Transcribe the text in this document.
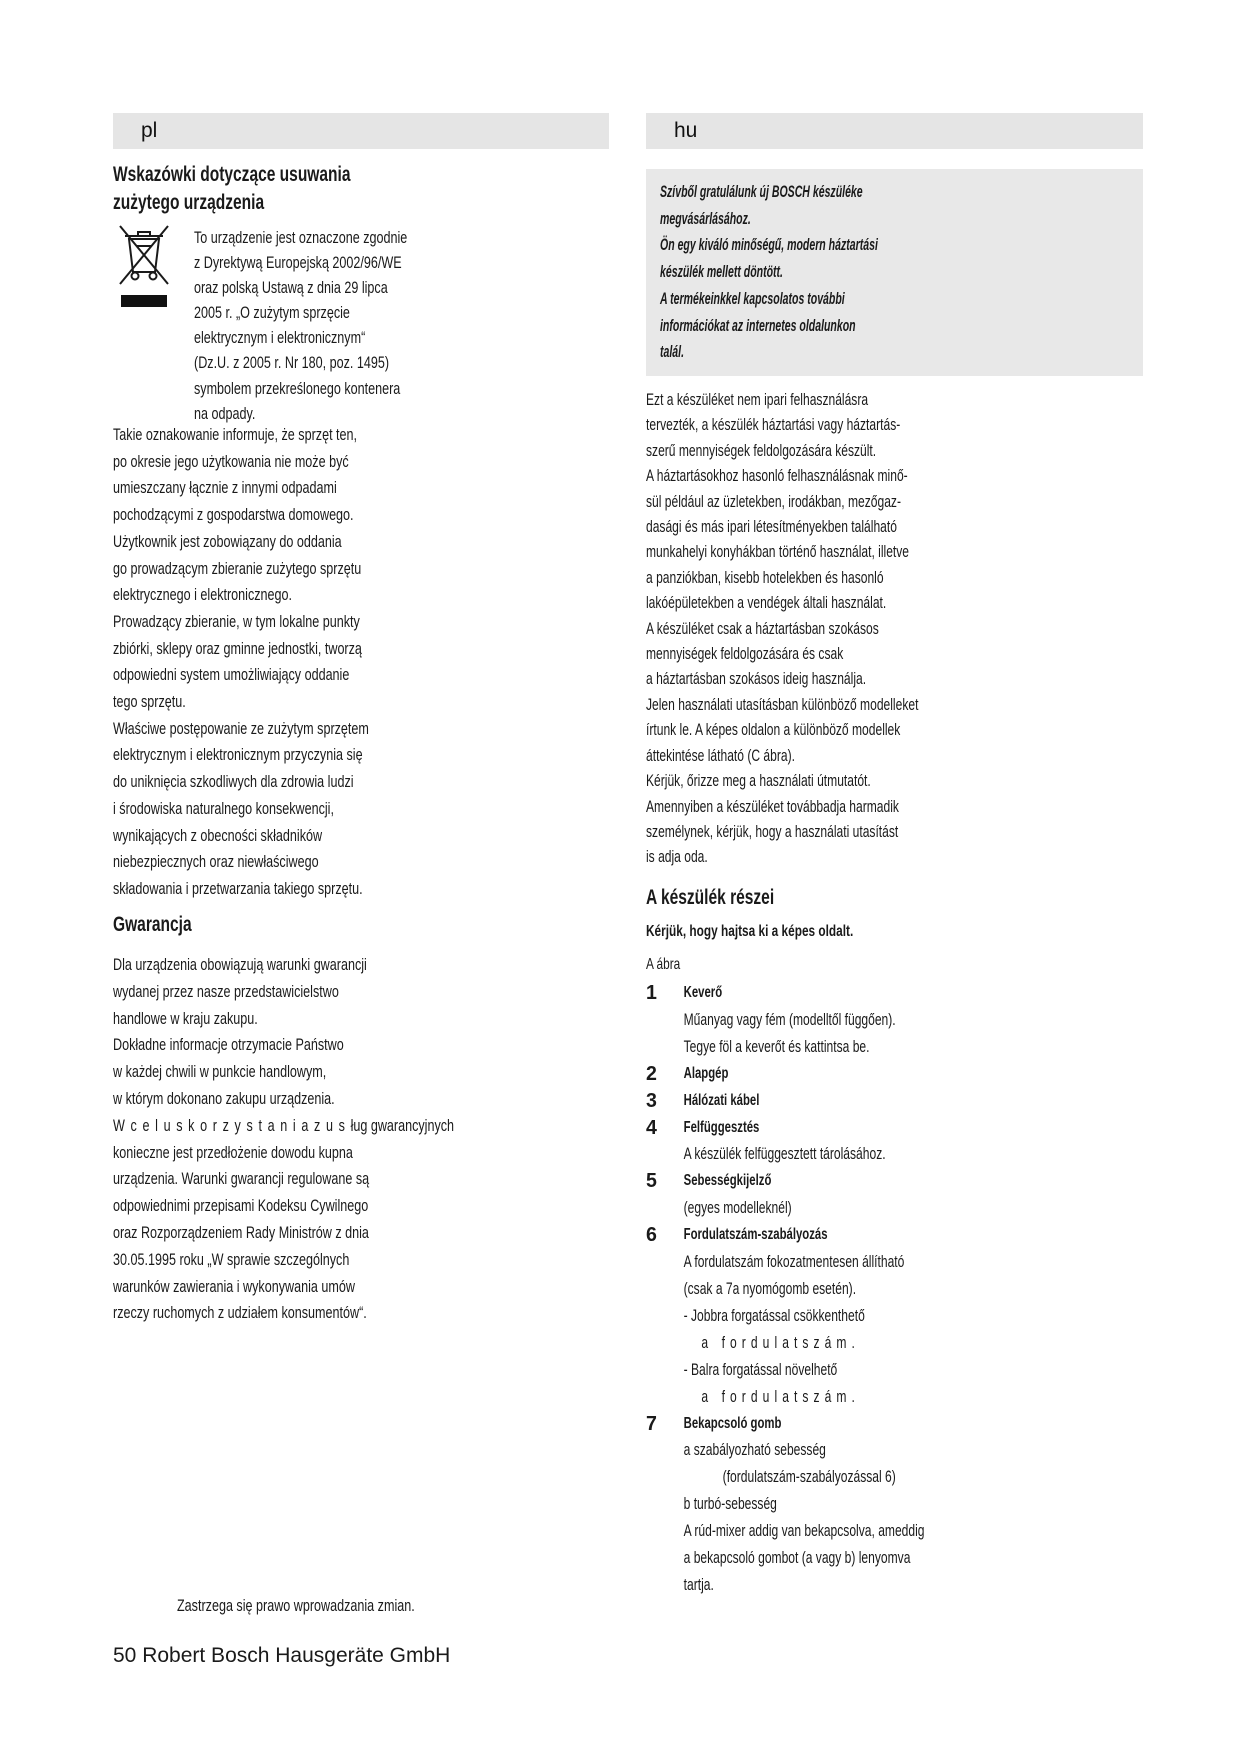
pl
Wskazówki dotyczące usuwania
zużytego urządzenia
To urządzenie jest oznaczone zgodnie
z Dyrektywą Europejską 2002/96/WE
oraz polską Ustawą z dnia 29 lipca
2005 r. „O zużytym sprzęcie
elektrycznym i elektronicznym“
(Dz.U. z 2005 r. Nr 180, poz. 1495)
symbolem przekreślonego kontenera
na odpady.
Takie oznakowanie informuje, że sprzęt ten,
po okresie jego użytkowania nie może być
umieszczany łącznie z innymi odpadami
pochodzącymi z gospodarstwa domowego.
Użytkownik jest zobowiązany do oddania
go prowadzącym zbieranie zużytego sprzętu
elektrycznego i elektronicznego.
Prowadzący zbieranie, w tym lokalne punkty
zbiórki, sklepy oraz gminne jednostki, tworzą
odpowiedni system umożliwiający oddanie
tego sprzętu.
Właściwe postępowanie ze zużytym sprzętem
elektrycznym i elektronicznym przyczynia się
do uniknięcia szkodliwych dla zdrowia ludzi
i środowiska naturalnego konsekwencji,
wynikających z obecności składników
niebezpiecznych oraz niewłaściwego
składowania i przetwarzania takiego sprzętu.
Gwarancja
Dla urządzenia obowiązują warunki gwarancji
wydanej przez nasze przedstawicielstwo
handlowe w kraju zakupu.
Dokładne informacje otrzymacie Państwo
w każdej chwili w punkcie handlowym,
w którym dokonano zakupu urządzenia.
W celu skorzystania z usług gwarancyjnych
konieczne jest przedłożenie dowodu kupna
urządzenia. Warunki gwarancji regulowane są
odpowiednimi przepisami Kodeksu Cywilnego
oraz Rozporządzeniem Rady Ministrów z dnia
30.05.1995 roku „W sprawie szczególnych
warunków zawierania i wykonywania umów
rzeczy ruchomych z udziałem konsumentów“.
Zastrzega się prawo wprowadzania zmian.
50 Robert Bosch Hausgeräte GmbH
hu
Szívből gratulálunk új BOSCH készüléke
megvásárlásához.
Ön egy kiváló minőségű, modern háztartási
készülék mellett döntött.
A termékeinkkel kapcsolatos további
információkat az internetes oldalunkon
talál.
Ezt a készüléket nem ipari felhasználásra
tervezték, a készülék háztartási vagy háztartás-
szerű mennyiségek feldolgozására készült.
A háztartásokhoz hasonló felhasználásnak minő-
sül például az üzletekben, irodákban, mezőgaz-
dasági és más ipari létesítményekben található
munkahelyi konyhákban történő használat, illetve
a panziókban, kisebb hotelekben és hasonló
lakóépületekben a vendégek általi használat.
A készüléket csak a háztartásban szokásos
mennyiségek feldolgozására és csak
a háztartásban szokásos ideig használja.
Jelen használati utasításban különböző modelleket
írtunk le. A képes oldalon a különböző modellek
áttekintése látható (C ábra).
Kérjük, őrizze meg a használati útmutatót.
Amennyiben a készüléket továbbadja harmadik
személynek, kérjük, hogy a használati utasítást
is adja oda.
A készülék részei
Kérjük, hogy hajtsa ki a képes oldalt.
A ábra
1	Keverő
Műanyag vagy fém (modelltől függően).
Tegye föl a keverőt és kattintsa be.
2	Alapgép
3	Hálózati kábel
4	Felfüggesztés
A készülék felfüggesztett tárolásához.
5	Sebességkijelző
(egyes modelleknél)
6	Fordulatszám-szabályozás
A fordulatszám fokozatmentesen állítható
(csak a 7a nyomógomb esetén).
- Jobbra forgatással csökkenthető
a fordulatszám.
- Balra forgatással növelhető
a fordulatszám.
7	Bekapcsoló gomb
a szabályozható sebesség
(fordulatszám-szabályozással 6)
b turbó-sebesség
A rúd-mixer addig van bekapcsolva, ameddig
a bekapcsoló gombot (a vagy b) lenyomva
tartja.
